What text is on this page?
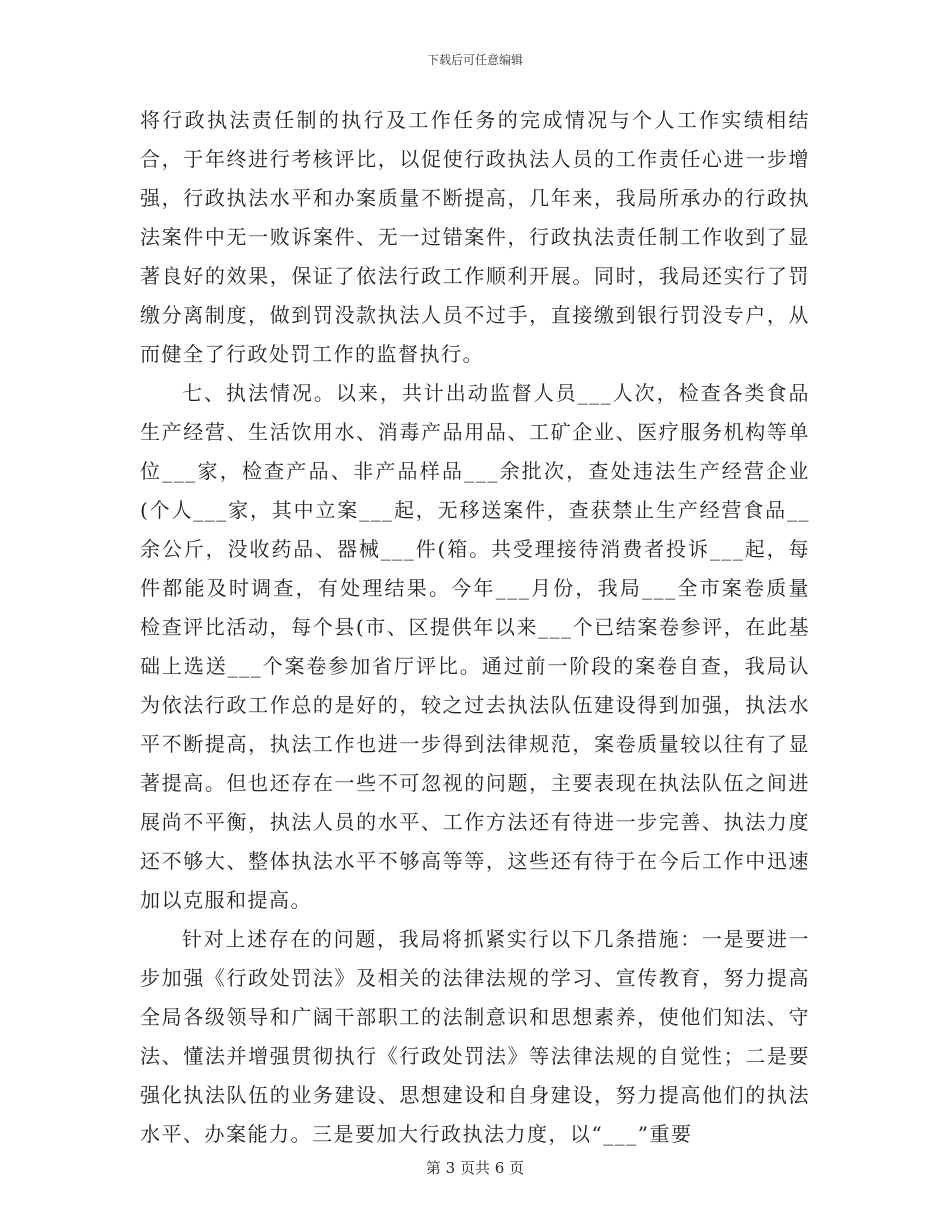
下载后可任意编辑

将行政执法责任制的执行及工作任务的完成情况与个人工作实绩相结合，于年终进行考核评比，以促使行政执法人员的工作责任心进一步增强，行政执法水平和办案质量不断提高，几年来，我局所承办的行政执法案件中无一败诉案件、无一过错案件，行政执法责任制工作收到了显著良好的效果，保证了依法行政工作顺利开展。同时，我局还实行了罚缴分离制度，做到罚没款执法人员不过手，直接缴到银行罚没专户，从而健全了行政处罚工作的监督执行。

七、执法情况。以来，共计出动监督人员___人次，检查各类食品生产经营、生活饮用水、消毒产品用品、工矿企业、医疗服务机构等单位___家，检查产品、非产品样品___余批次，查处违法生产经营企业(个人___家，其中立案___起，无移送案件，查获禁止生产经营食品__余公斤，没收药品、器械___件(箱。共受理接待消费者投诉___起，每件都能及时调查，有处理结果。今年___月份，我局___全市案卷质量检查评比活动，每个县(市、区提供年以来___个已结案卷参评，在此基础上选送___个案卷参加省厅评比。通过前一阶段的案卷自查，我局认为依法行政工作总的是好的，较之过去执法队伍建设得到加强，执法水平不断提高，执法工作也进一步得到法律规范，案卷质量较以往有了显著提高。但也还存在一些不可忽视的问题，主要表现在执法队伍之间进展尚不平衡，执法人员的水平、工作方法还有待进一步完善、执法力度还不够大、整体执法水平不够高等等，这些还有待于在今后工作中迅速加以克服和提高。

针对上述存在的问题，我局将抓紧实行以下几条措施：一是要进一步加强《行政处罚法》及相关的法律法规的学习、宣传教育，努力提高全局各级领导和广阔干部职工的法制意识和思想素养，使他们知法、守法、懂法并增强贯彻执行《行政处罚法》等法律法规的自觉性；二是要强化执法队伍的业务建设、思想建设和自身建设，努力提高他们的执法水平、办案能力。三是要加大行政执法力度，以“___”重要

第 3 页共 6 页
